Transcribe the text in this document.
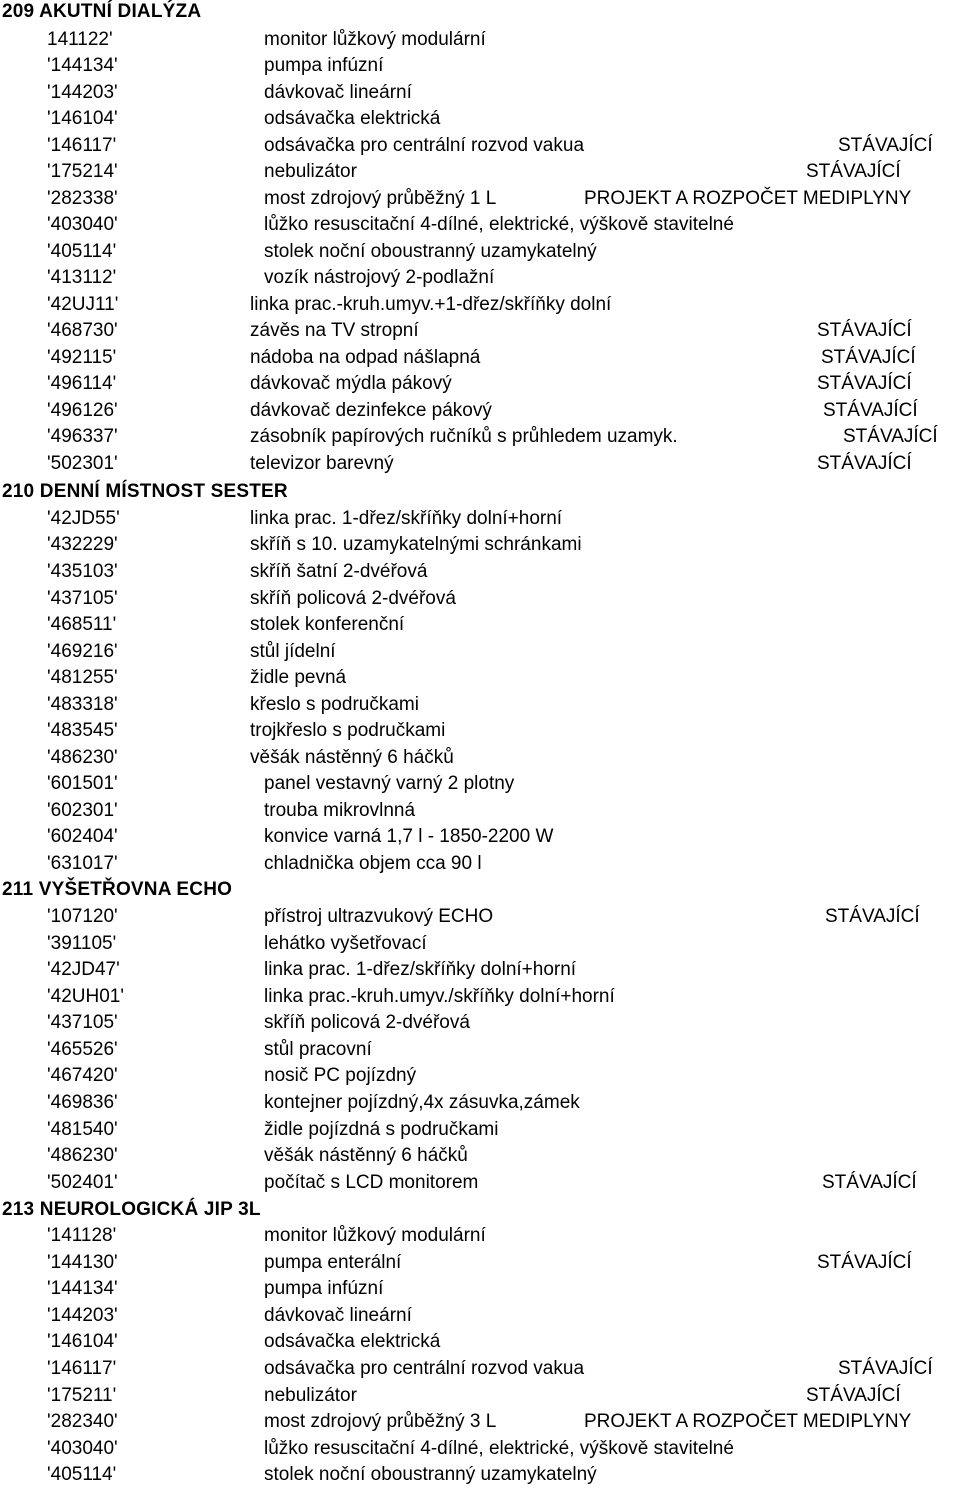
209 AKUTNÍ DIALÝZA
141122'	monitor lůžkový modulární
'144134'	pumpa infúzní
'144203'	dávkovač lineární
'146104'	odsávačka elektrická
'146117'	odsávačka pro centrální rozvod vakua	STÁVAJÍCÍ
'175214'	nebulizátor	STÁVAJÍCÍ
'282338'	most zdrojový průběžný 1 L	PROJEKT A ROZPOČET MEDIPLYNY
'403040'	lůžko resuscitační 4-dílné, elektrické, výškově stavitelné
'405114'	stolek noční oboustranný uzamykatelný
'413112'	vozík nástrojový 2-podlažní
'42UJ11'	linka prac.-kruh.umyv.+1-dřez/skříňky dolní
'468730'	závěs na TV stropní	STÁVAJÍCÍ
'492115'	nádoba na odpad nášlapná	STÁVAJÍCÍ
'496114'	dávkovač mýdla pákový	STÁVAJÍCÍ
'496126'	dávkovač dezinfekce pákový	STÁVAJÍCÍ
'496337'	zásobník papírových ručníků s průhledem uzamyk.	STÁVAJÍCÍ
'502301'	televizor barevný	STÁVAJÍCÍ
210 DENNÍ MÍSTNOST SESTER
'42JD55'	linka prac. 1-dřez/skříňky dolní+horní
'432229'	skříň s 10. uzamykatelnými schránkami
'435103'	skříň šatní 2-dvéřová
'437105'	skříň policová 2-dvéřová
'468511'	stolek konferenční
'469216'	stůl jídelní
'481255'	židle pevná
'483318'	křeslo s područkami
'483545'	trojkřeslo s područkami
'486230'	věšák nástěnný 6 háčků
'601501'	panel vestavný varný 2 plotny
'602301'	trouba mikrovlnná
'602404'	konvice varná 1,7 l - 1850-2200 W
'631017'	chladnička objem cca 90 l
211 VYŠETŘOVNA ECHO
'107120'	přístroj ultrazvukový ECHO	STÁVAJÍCÍ
'391105'	lehátko vyšetřovací
'42JD47'	linka prac. 1-dřez/skříňky dolní+horní
'42UH01'	linka prac.-kruh.umyv./skříňky dolní+horní
'437105'	skříň policová 2-dvéřová
'465526'	stůl pracovní
'467420'	nosič PC pojízdný
'469836'	kontejner pojízdný,4x zásuvka,zámek
'481540'	židle pojízdná s područkami
'486230'	věšák nástěnný 6 háčků
'502401'	počítač s LCD monitorem	STÁVAJÍCÍ
213 NEUROLOGICKÁ JIP 3L
'141128'	monitor lůžkový modulární
'144130'	pumpa enterální	STÁVAJÍCÍ
'144134'	pumpa infúzní
'144203'	dávkovač lineární
'146104'	odsávačka elektrická
'146117'	odsávačka pro centrální rozvod vakua	STÁVAJÍCÍ
'175211'	nebulizátor	STÁVAJÍCÍ
'282340'	most zdrojový průběžný 3 L	PROJEKT A ROZPOČET MEDIPLYNY
'403040'	lůžko resuscitační 4-dílné, elektrické, výškově stavitelné
'405114'	stolek noční oboustranný uzamykatelný
